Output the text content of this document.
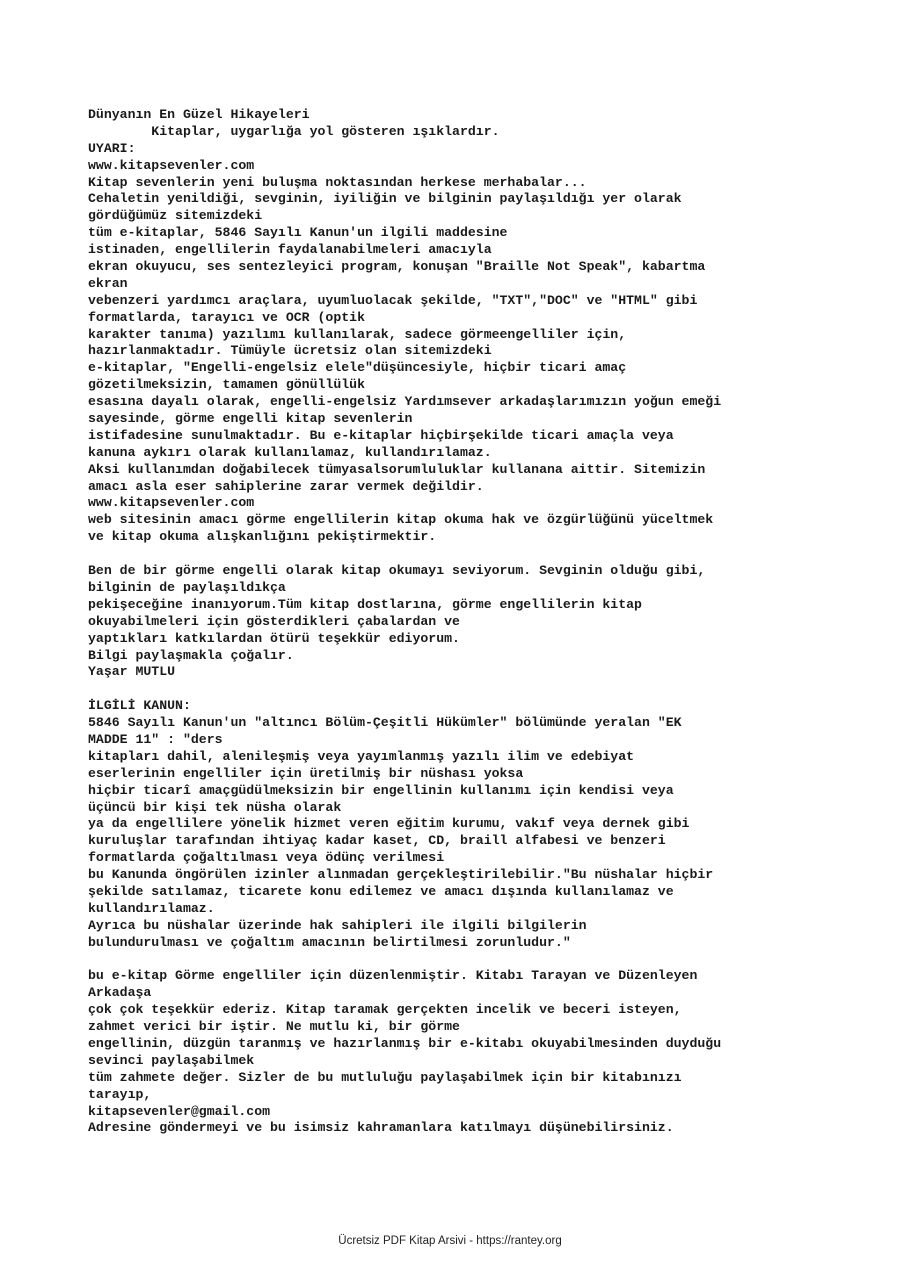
Dünyanın En Güzel Hikayeleri
Kitaplar, uygarlığa yol gösteren ışıklardır.
UYARI:
www.kitapsevenler.com
Kitap sevenlerin yeni buluşma noktasından herkese merhabalar...
Cehaletin yenildiği, sevginin, iyiliğin ve bilginin paylaşıldığı yer olarak
gördüğümüz sitemizdeki
tüm e-kitaplar, 5846 Sayılı Kanun'un ilgili maddesine
istinaden, engellilerin faydalanabilmeleri amacıyla
ekran okuyucu, ses sentezleyici program, konuşan "Braille Not Speak", kabartma
ekran
vebenzeri yardımcı araçlara, uyumluolacak şekilde, "TXT","DOC" ve "HTML" gibi
formatlarda, tarayıcı ve OCR (optik
karakter tanıma) yazılımı kullanılarak, sadece görmeengelliler için,
hazırlanmaktadır. Tümüyle ücretsiz olan sitemizdeki
e-kitaplar, "Engelli-engelsiz elele"düşüncesiyle, hiçbir ticari amaç
gözetilmeksizin, tamamen gönüllülük
esasına dayalı olarak, engelli-engelsiz Yardımsever arkadaşlarımızın yoğun emeği
sayesinde, görme engelli kitap sevenlerin
istifadesine sunulmaktadır. Bu e-kitaplar hiçbirşekilde ticari amaçla veya
kanuna aykırı olarak kullanılamaz, kullandırılamaz.
Aksi kullanımdan doğabilecek tümyasalsorumluluklar kullanana aittir. Sitemizin
amacı asla eser sahiplerine zarar vermek değildir.
www.kitapsevenler.com
web sitesinin amacı görme engellilerin kitap okuma hak ve özgürlüğünü yüceltmek
ve kitap okuma alışkanlığını pekiştirmektir.
Ben de bir görme engelli olarak kitap okumayı seviyorum. Sevginin olduğu gibi,
bilginin de paylaşıldıkça
pekişeceğine inanıyorum.Tüm kitap dostlarına, görme engellilerin kitap
okuyabilmeleri için gösterdikleri çabalardan ve
yaptıkları katkılardan ötürü teşekkür ediyorum.
Bilgi paylaşmakla çoğalır.
Yaşar MUTLU
İLGİLİ KANUN:
5846 Sayılı Kanun'un "altıncı Bölüm-Çeşitli Hükümler" bölümünde yeralan "EK
MADDE 11" : "ders
kitapları dahil, alenileşmiş veya yayımlanmış yazılı ilim ve edebiyat
eserlerinin engelliler için üretilmiş bir nüshası yoksa
hiçbir ticarî amaçgüdülmeksizin bir engellinin kullanımı için kendisi veya
üçüncü bir kişi tek nüsha olarak
ya da engellilere yönelik hizmet veren eğitim kurumu, vakıf veya dernek gibi
kuruluşlar tarafından ihtiyaç kadar kaset, CD, braill alfabesi ve benzeri
formatlarda çoğaltılması veya ödünç verilmesi
bu Kanunda öngörülen izinler alınmadan gerçekleştirilebilir."Bu nüshalar hiçbir
şekilde satılamaz, ticarete konu edilemez ve amacı dışında kullanılamaz ve
kullandırılamaz.
Ayrıca bu nüshalar üzerinde hak sahipleri ile ilgili bilgilerin
bulundurulması ve çoğaltım amacının belirtilmesi zorunludur."
bu e-kitap Görme engelliler için düzenlenmiştir. Kitabı Tarayan ve Düzenleyen
Arkadaşa
çok çok teşekkür ederiz. Kitap taramak gerçekten incelik ve beceri isteyen,
zahmet verici bir iştir. Ne mutlu ki, bir görme
engellinin, düzgün taranmış ve hazırlanmış bir e-kitabı okuyabilmesinden duyduğu
sevinci paylaşabilmek
tüm zahmete değer. Sizler de bu mutluluğu paylaşabilmek için bir kitabınızı
tarayıp,
kitapsevenler@gmail.com
Adresine göndermeyi ve bu isimsiz kahramanlara katılmayı düşünebilirsiniz.
Ücretsiz PDF Kitap Arsivi - https://rantey.org
